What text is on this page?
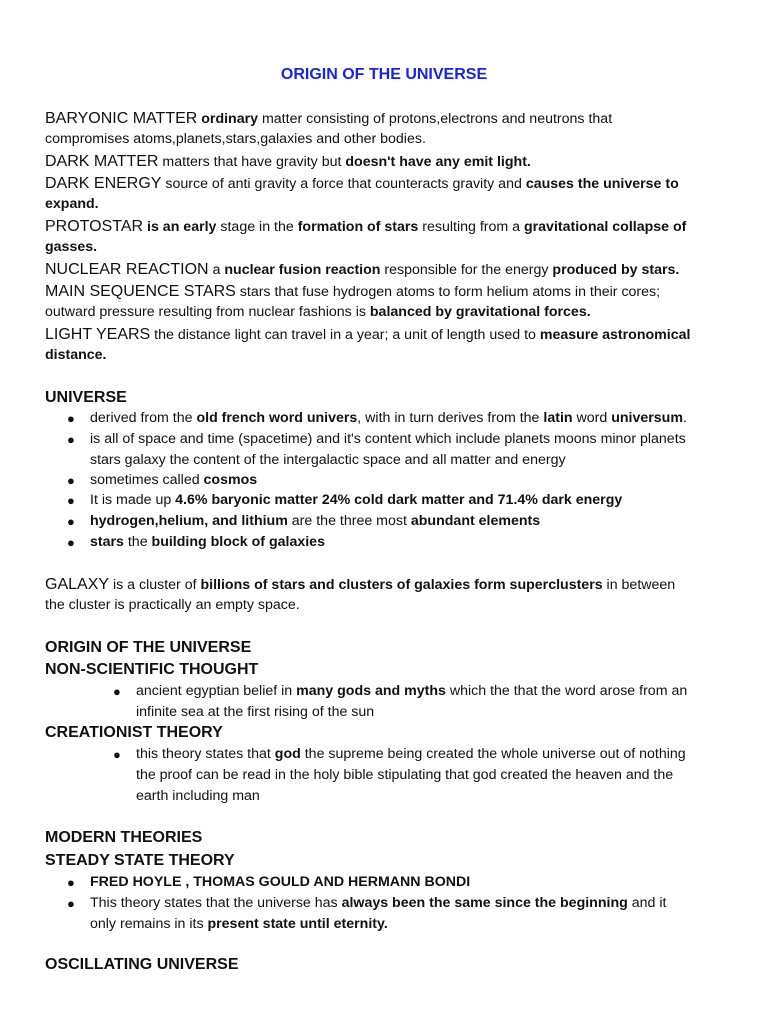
ORIGIN OF THE UNIVERSE
BARYONIC MATTER ordinary matter consisting of protons,electrons and neutrons that
compromises atoms,planets,stars,galaxies and other bodies.
DARK MATTER matters that have gravity but doesn't have any emit light.
DARK ENERGY source of anti gravity a force that counteracts gravity and causes the universe to
expand.
PROTOSTAR is an early stage in the formation of stars resulting from a gravitational collapse of
gasses.
NUCLEAR REACTION a nuclear fusion reaction responsible for the energy produced by stars.
MAIN SEQUENCE STARS stars that fuse hydrogen atoms to form helium atoms in their cores;
outward pressure resulting from nuclear fashions is balanced by gravitational forces.
LIGHT YEARS the distance light can travel in a year; a unit of length used to measure astronomical
distance.
UNIVERSE
● derived from the old french word univers, with in turn derives from the latin word universum.
● is all of space and time (spacetime) and it's content which include planets moons minor planets
stars galaxy the content of the intergalactic space and all matter and energy
● sometimes called cosmos
● It is made up 4.6% baryonic matter 24% cold dark matter and 71.4% dark energy
● hydrogen,helium, and lithium are the three most abundant elements
● stars the building block of galaxies
GALAXY is a cluster of billions of stars and clusters of galaxies form superclusters in between
the cluster is practically an empty space.
ORIGIN OF THE UNIVERSE
NON-SCIENTIFIC THOUGHT
● ancient egyptian belief in many gods and myths which the that the word arose from an
infinite sea at the first rising of the sun
CREATIONIST THEORY
● this theory states that god the supreme being created the whole universe out of nothing
the proof can be read in the holy bible stipulating that god created the heaven and the
earth including man
MODERN THEORIES
STEADY STATE THEORY
● FRED HOYLE , THOMAS GOULD AND HERMANN BONDI
● This theory states that the universe has always been the same since the beginning and it
only remains in its present state until eternity.
OSCILLATING UNIVERSE
